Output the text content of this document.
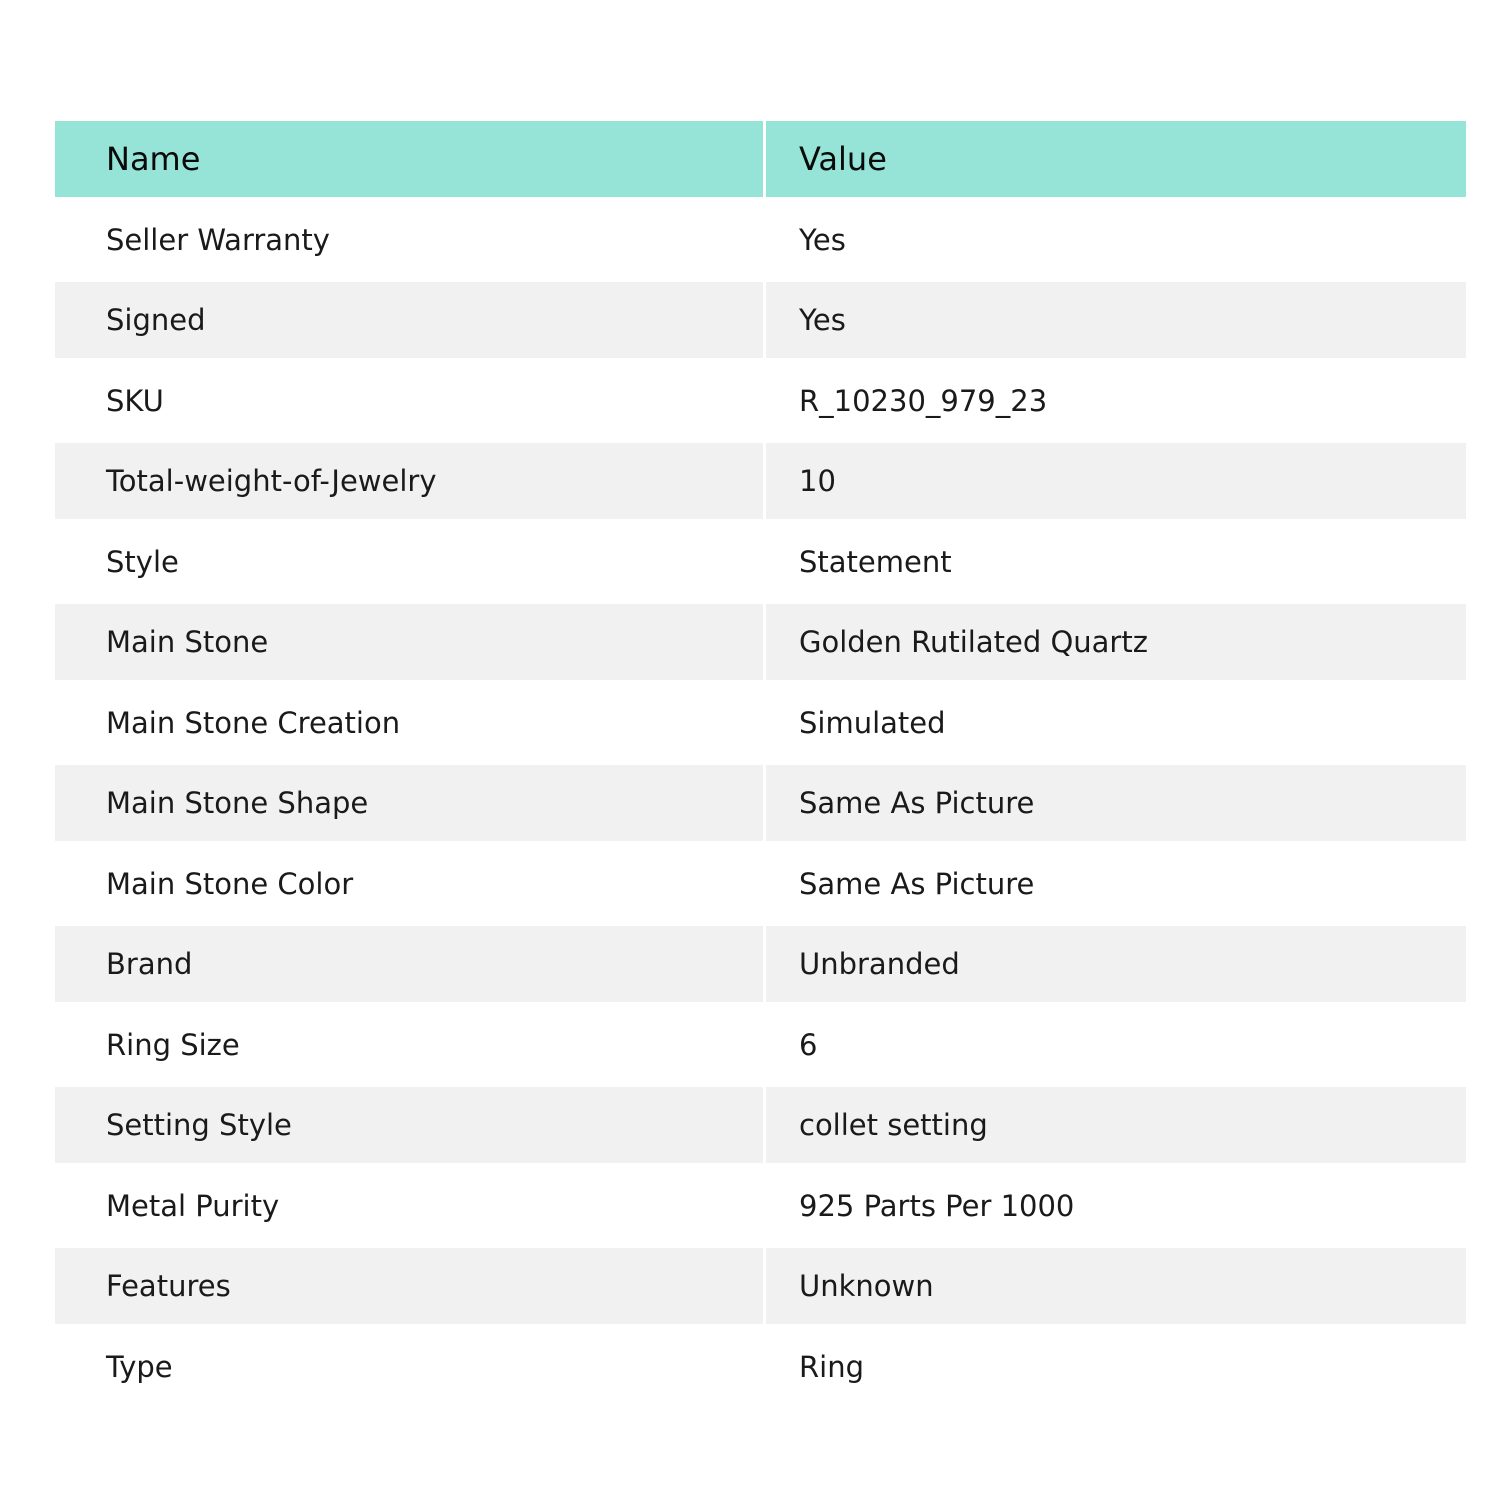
Name	Value
Seller Warranty	Yes
Signed	Yes
SKU	R_10230_979_23
Total-weight-of-Jewelry	10
Style	Statement
Main Stone	Golden Rutilated Quartz
Main Stone Creation	Simulated
Main Stone Shape	Same As Picture
Main Stone Color	Same As Picture
Brand	Unbranded
Ring Size	6
Setting Style	collet setting
Metal Purity	925 Parts Per 1000
Features	Unknown
Type	Ring
